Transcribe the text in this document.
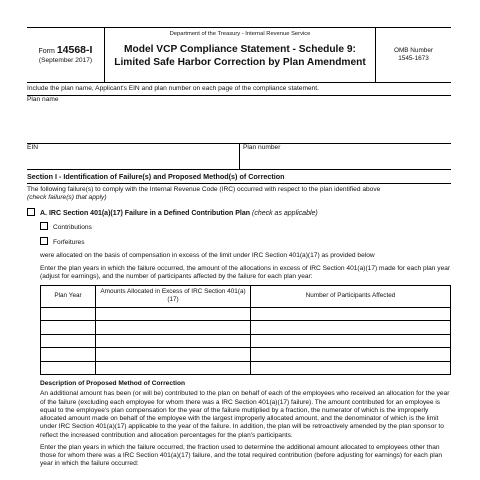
Form 14568-I
(September 2017)
Department of the Treasury - Internal Revenue Service
Model VCP Compliance Statement - Schedule 9:
Limited Safe Harbor Correction by Plan Amendment
OMB Number
1545-1673
Include the plan name, Applicant's EIN and plan number on each page of the compliance statement.
Plan name
EIN	Plan number
Section I - Identification of Failure(s) and Proposed Method(s) of Correction

The following failure(s) to comply with the Internal Revenue Code (IRC) occurred with respect to the plan identified above
(check failure(s) that apply)

A. IRC Section 401(a)(17) Failure in a Defined Contribution Plan (check as applicable)
Contributions
Forfeitures

were allocated on the basis of compensation in excess of the limit under IRC Section 401(a)(17) as provided below

Enter the plan years in which the failure occurred, the amount of the allocations in excess of IRC Section 401(a)(17) made for each plan year (adjust for earnings), and the number of participants affected by the failure for each plan year:

Plan Year	Amounts Allocated in Excess of IRC Section 401(a)(17)	Number of Participants Affected

Description of Proposed Method of Correction

An additional amount has been (or will be) contributed to the plan on behalf of each of the employees who received an allocation for the year of the failure (excluding each employee for whom there was a IRC Section 401(a)(17) failure). The amount contributed for an employee is equal to the employee's plan compensation for the year of the failure multiplied by a fraction, the numerator of which is the improperly allocated amount made on behalf of the employee with the largest improperly allocated amount, and the denominator of which is the limit under IRC Section 401(a)(17) applicable to the year of the failure. In addition, the plan will be retroactively amended by the plan sponsor to reflect the increased contribution and allocation percentages for the plan's participants.

Enter the plan years in which the failure occurred, the fraction used to determine the additional amount allocated to employees other than those for whom there was a IRC Section 401(a)(17) failure, and the total required contribution (before adjusting for earnings) for each plan year in which the failure occurred:
